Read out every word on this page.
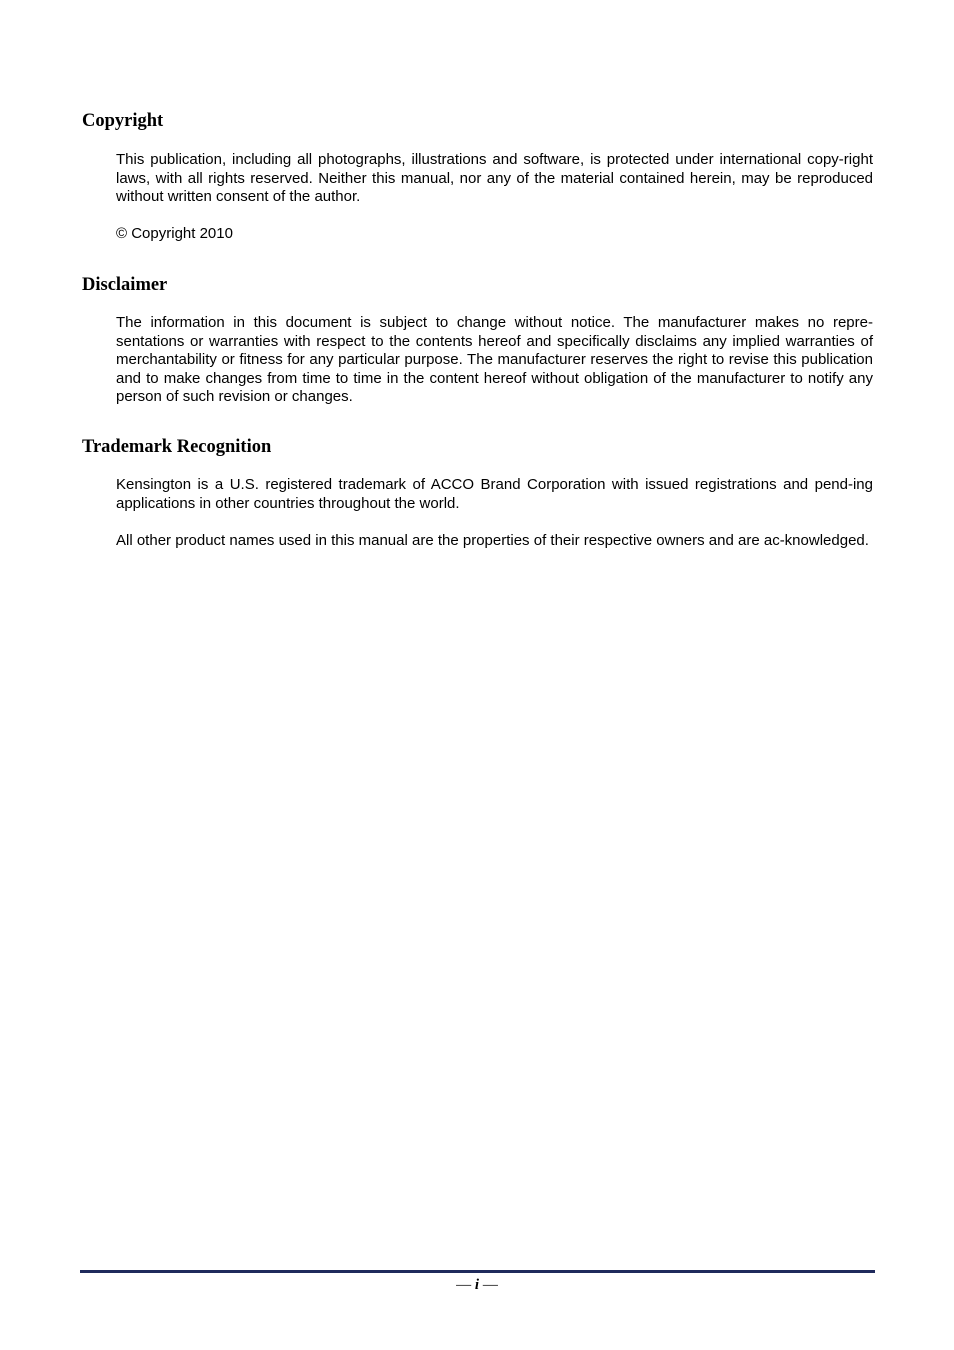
Copyright

This publication, including all photographs, illustrations and software, is protected under international copy-right laws, with all rights reserved. Neither this manual, nor any of the material contained herein, may be reproduced without written consent of the author.

© Copyright 2010

Disclaimer

The information in this document is subject to change without notice. The manufacturer makes no repre-sentations or warranties with respect to the contents hereof and specifically disclaims any implied warranties of merchantability or fitness for any particular purpose. The manufacturer reserves the right to revise this publication and to make changes from time to time in the content hereof without obligation of the manufacturer to notify any person of such revision or changes.

Trademark Recognition

Kensington is a U.S. registered trademark of ACCO Brand Corporation with issued registrations and pend-ing applications in other countries throughout the world.

All other product names used in this manual are the properties of their respective owners and are ac-knowledged.

— i —
